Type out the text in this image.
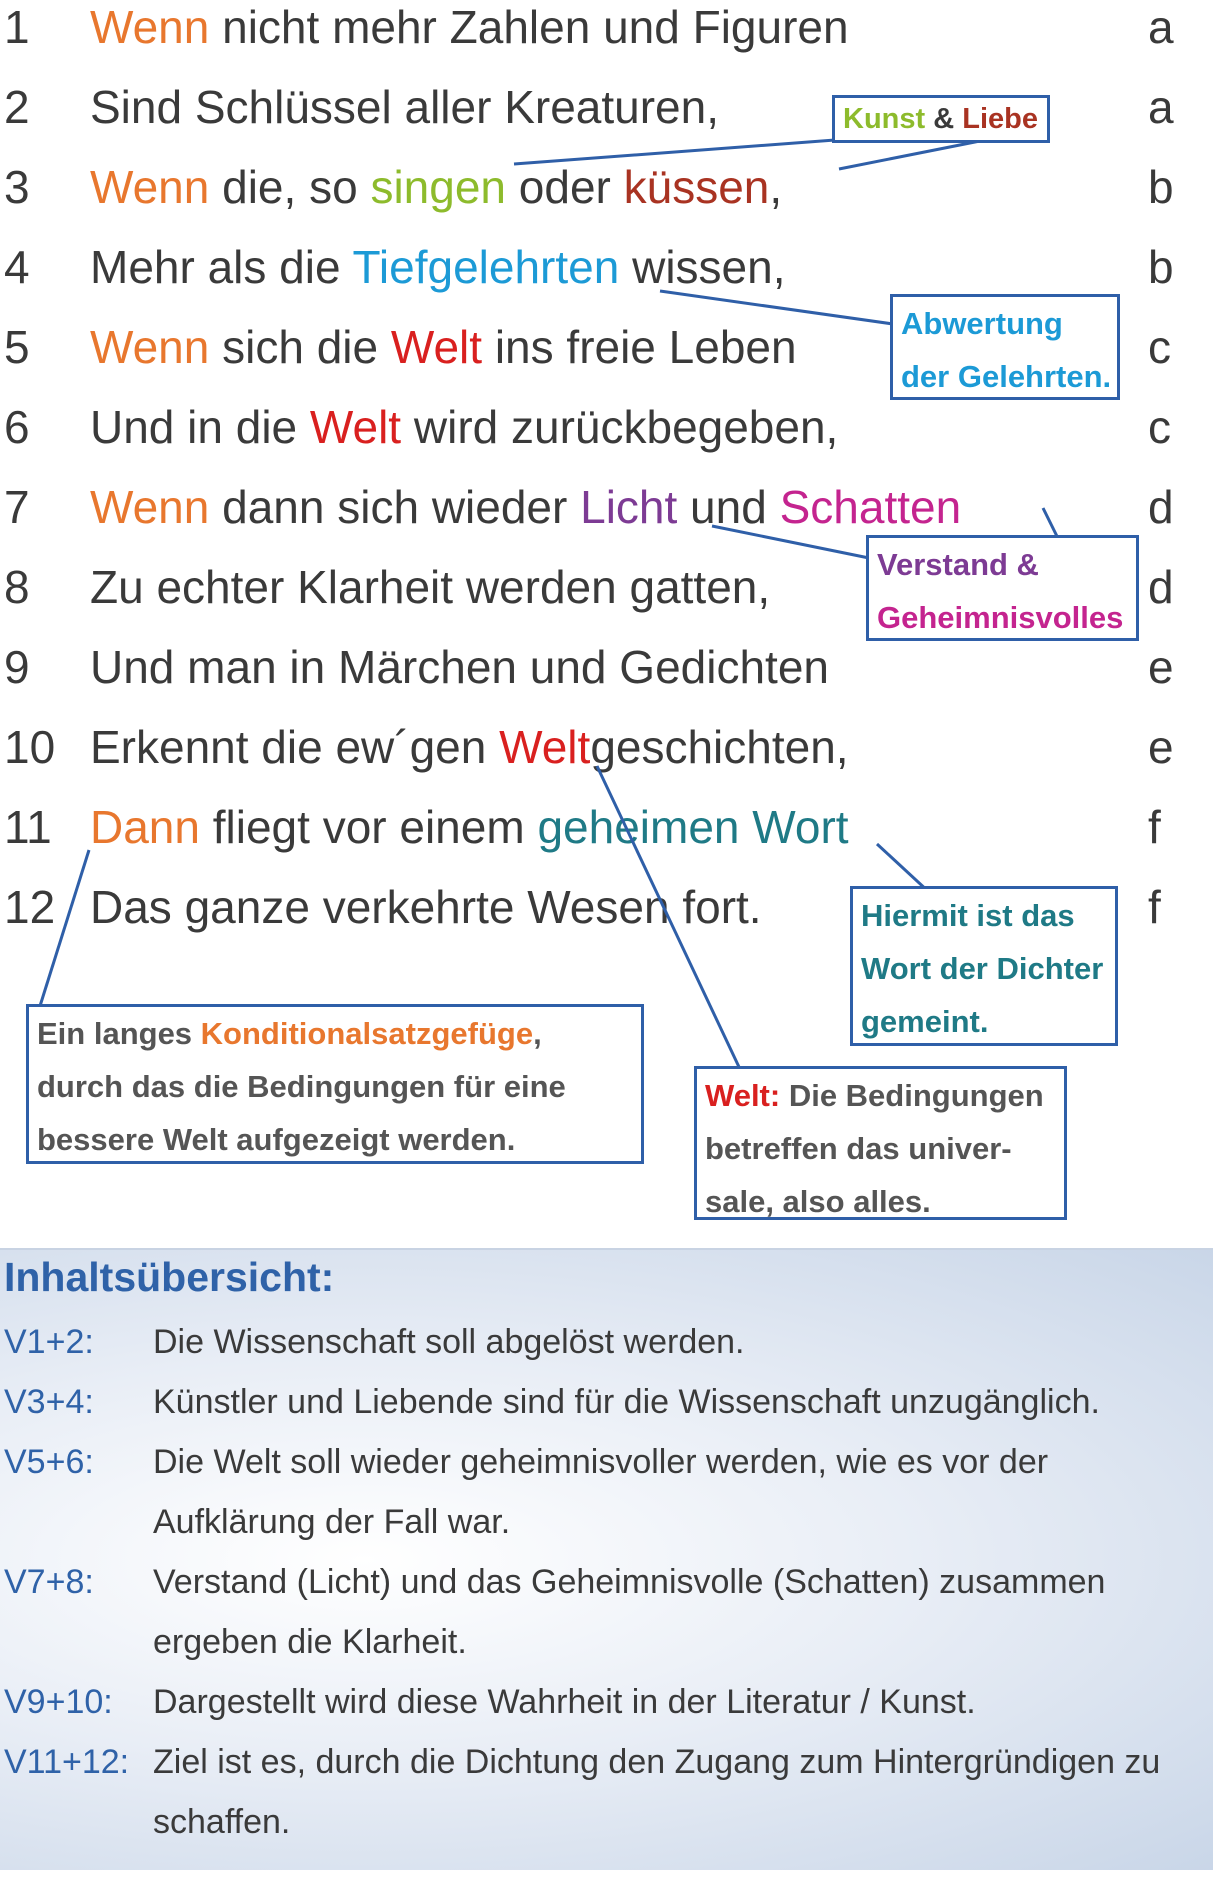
1 Wenn nicht mehr Zahlen und Figuren	a
2 Sind Schlüssel aller Kreaturen,	a
3 Wenn die, so singen oder küssen,	b
4 Mehr als die Tiefgelehrten wissen,	b
5 Wenn sich die Welt ins freie Leben	c
6 Und in die Welt wird zurückbegeben,	c
7 Wenn dann sich wieder Licht und Schatten	d
8 Zu echter Klarheit werden gatten,	d
9 Und man in Märchen und Gedichten	e
10 Erkennt die ew´gen Weltgeschichten,	e
11 Dann fliegt vor einem geheimen Wort	f
12 Das ganze verkehrte Wesen fort.	f
Kunst & Liebe
Abwertung
der Gelehrten.
Verstand &
Geheimnisvolles
Hiermit ist das
Wort der Dichter
gemeint.
Ein langes Konditionalsatzgefüge,
durch das die Bedingungen für eine
bessere Welt aufgezeigt werden.
Welt: Die Bedingungen
betreffen das univer-
sale, also alles.
Inhaltsübersicht:
V1+2: Die Wissenschaft soll abgelöst werden.
V3+4: Künstler und Liebende sind für die Wissenschaft unzugänglich.
V5+6: Die Welt soll wieder geheimnisvoller werden, wie es vor der Aufklärung der Fall war.
V7+8: Verstand (Licht) und das Geheimnisvolle (Schatten) zusammen ergeben die Klarheit.
V9+10: Dargestellt wird diese Wahrheit in der Literatur / Kunst.
V11+12: Ziel ist es, durch die Dichtung den Zugang zum Hintergründigen zu schaffen.
